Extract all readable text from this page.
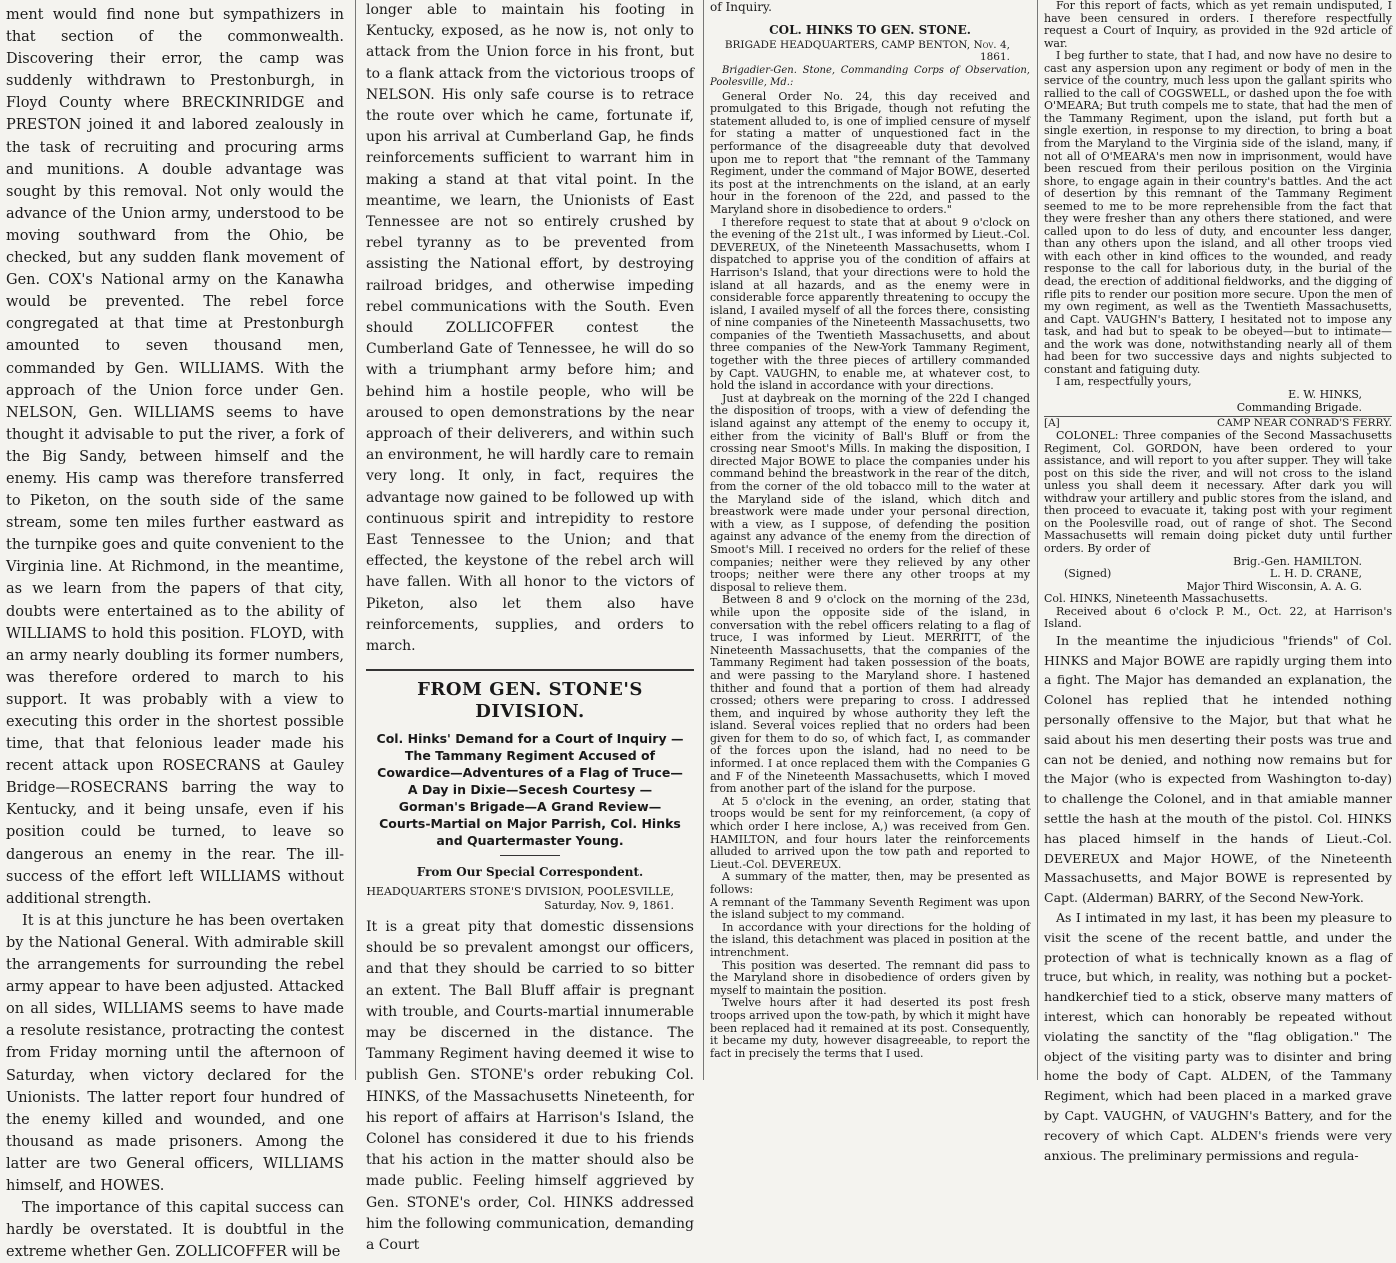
ment would find none but sympathizers in that section of the commonwealth. Discovering their error, the camp was suddenly withdrawn to Prestonburgh, in Floyd County where BRECKINRIDGE and PRESTON joined it and labored zealously in the task of recruiting and procuring arms and munitions. A double advantage was sought by this removal. Not only would the advance of the Union army, understood to be moving southward from the Ohio, be checked, but any sudden flank movement of Gen. COX's National army on the Kanawha would be prevented. The rebel force congregated at that time at Prestonburgh amounted to seven thousand men, commanded by Gen. WILLIAMS. With the approach of the Union force under Gen. NELSON, Gen. WILLIAMS seems to have thought it advisable to put the river, a fork of the Big Sandy, between himself and the enemy. His camp was therefore transferred to Piketon, on the south side of the same stream, some ten miles further eastward as the turnpike goes and quite convenient to the Virginia line. At Richmond, in the meantime, as we learn from the papers of that city, doubts were entertained as to the ability of WILLIAMS to hold this position. FLOYD, with an army nearly doubling its former numbers, was therefore ordered to march to his support. It was probably with a view to executing this order in the shortest possible time, that that felonious leader made his recent attack upon ROSECRANS at Gauley Bridge—ROSECRANS barring the way to Kentucky, and it being unsafe, even if his position could be turned, to leave so dangerous an enemy in the rear. The ill-success of the effort left WILLIAMS without additional strength.

It is at this juncture he has been overtaken by the National General. With admirable skill the arrangements for surrounding the rebel army appear to have been adjusted. Attacked on all sides, WILLIAMS seems to have made a resolute resistance, protracting the contest from Friday morning until the afternoon of Saturday, when victory declared for the Unionists. The latter report four hundred of the enemy killed and wounded, and one thousand as made prisoners. Among the latter are two General officers, WILLIAMS himself, and HOWES.

The importance of this capital success can hardly be overstated. It is doubtful in the extreme whether Gen. ZOLLICOFFER will be

longer able to maintain his footing in Kentucky, exposed, as he now is, not only to attack from the Union force in his front, but to a flank attack from the victorious troops of NELSON. His only safe course is to retrace the route over which he came, fortunate if, upon his arrival at Cumberland Gap, he finds reinforcements sufficient to warrant him in making a stand at that vital point. In the meantime, we learn, the Unionists of East Tennessee are not so entirely crushed by rebel tyranny as to be prevented from assisting the National effort, by destroying railroad bridges, and otherwise impeding rebel communications with the South. Even should ZOLLICOFFER contest the Cumberland Gate of Tennessee, he will do so with a triumphant army before him; and behind him a hostile people, who will be aroused to open demonstrations by the near approach of their deliverers, and within such an environment, he will hardly care to remain very long. It only, in fact, requires the advantage now gained to be followed up with continuous spirit and intrepidity to restore East Tennessee to the Union; and that effected, the keystone of the rebel arch will have fallen. With all honor to the victors of Piketon, also let them also have reinforcements, supplies, and orders to march.

FROM GEN. STONE'S DIVISION.
Col. Hinks' Demand for a Court of Inquiry —The Tammany Regiment Accused of Cowardice—Adventures of a Flag of Truce—A Day in Dixie—Secesh Courtesy —Gorman's Brigade—A Grand Review— Courts-Martial on Major Parrish, Col. Hinks and Quartermaster Young.
From Our Special Correspondent.
HEADQUARTERS STONE'S DIVISION, POOLESVILLE, Saturday, Nov. 9, 1861.

It is a great pity that domestic dissensions should be so prevalent amongst our officers, and that they should be carried to so bitter an extent. The Ball Bluff affair is pregnant with trouble, and Courts-martial innumerable may be discerned in the distance. The Tammany Regiment having deemed it wise to publish Gen. STONE's order rebuking Col. HINKS, of the Massachusetts Nineteenth, for his report of affairs at Harrison's Island, the Colonel has considered it due to his friends that his action in the matter should also be made public. Feeling himself aggrieved by Gen. STONE's order, Col. HINKS addressed him the following communication, demanding a Court

of Inquiry.

COL. HINKS TO GEN. STONE.
BRIGADE HEADQUARTERS, CAMP BENTON, Nov. 4, 1861.

Brigadier-Gen. Stone, Commanding Corps of Observation, Poolesville, Md.:

General Order No. 24, this day received and promulgated to this Brigade, though not refuting the statement alluded to, is one of implied censure of myself for stating a matter of unquestioned fact in the performance of the disagreeable duty that devolved upon me to report that "the remnant of the Tammany Regiment, under the command of Major BOWE, deserted its post at the intrenchments on the island, at an early hour in the forenoon of the 22d, and passed to the Maryland shore in disobedience to orders."

I therefore request to state that at about 9 o'clock on the evening of the 21st ult., I was informed by Lieut.-Col. DEVEREUX, of the Nineteenth Massachusetts, whom I dispatched to apprise you of the condition of affairs at Harrison's Island, that your directions were to hold the island at all hazards, and as the enemy were in considerable force apparently threatening to occupy the island, I availed myself of all the forces there, consisting of nine companies of the Nineteenth Massachusetts, two companies of the Twentieth Massachusetts, and about three companies of the New-York Tammany Regiment, together with the three pieces of artillery commanded by Capt. VAUGHN, to enable me, at whatever cost, to hold the island in accordance with your directions.

Just at daybreak on the morning of the 22d I changed the disposition of troops, with a view of defending the island against any attempt of the enemy to occupy it, either from the vicinity of Ball's Bluff or from the crossing near Smoot's Mills. In making the disposition, I directed Major BOWE to place the companies under his command behind the breastwork in the rear of the ditch, from the corner of the old tobacco mill to the water at the Maryland side of the island, which ditch and breastwork were made under your personal direction, with a view, as I suppose, of defending the position against any advance of the enemy from the direction of Smoot's Mill. I received no orders for the relief of these companies; neither were they relieved by any other troops; neither were there any other troops at my disposal to relieve them.

Between 8 and 9 o'clock on the morning of the 23d, while upon the opposite side of the island, in conversation with the rebel officers relating to a flag of truce, I was informed by Lieut. MERRITT, of the Nineteenth Massachusetts, that the companies of the Tammany Regiment had taken possession of the boats, and were passing to the Maryland shore. I hastened thither and found that a portion of them had already crossed; others were preparing to cross. I addressed them, and inquired by whose authority they left the island. Several voices replied that no orders had been given for them to do so, of which fact, I, as commander of the forces upon the island, had no need to be informed. I at once replaced them with the Companies G and F of the Nineteenth Massachusetts, which I moved from another part of the island for the purpose.

At 5 o'clock in the evening, an order, stating that troops would be sent for my reinforcement, (a copy of which order I here inclose, A,) was received from Gen. HAMILTON, and four hours later the reinforcements alluded to arrived upon the tow path and reported to Lieut.-Col. DEVEREUX.

A summary of the matter, then, may be presented as follows:

A remnant of the Tammany Seventh Regiment was upon the island subject to my command.

In accordance with your directions for the holding of the island, this detachment was placed in position at the intrenchment.

This position was deserted. The remnant did pass to the Maryland shore in disobedience of orders given by myself to maintain the position.

Twelve hours after it had deserted its post fresh troops arrived upon the tow-path, by which it might have been replaced had it remained at its post. Consequently, it became my duty, however disagreeable, to report the fact in precisely the terms that I used.

For this report of facts, which as yet remain undisputed, I have been censured in orders. I therefore respectfully request a Court of Inquiry, as provided in the 92d article of war.

I beg further to state, that I had, and now have no desire to cast any aspersion upon any regiment or body of men in the service of the country, much less upon the gallant spirits who rallied to the call of COGSWELL, or dashed upon the foe with O'MEARA; But truth compels me to state, that had the men of the Tammany Regiment, upon the island, put forth but a single exertion, in response to my direction, to bring a boat from the Maryland to the Virginia side of the island, many, if not all of O'MEARA's men now in imprisonment, would have been rescued from their perilous position on the Virginia shore, to engage again in their country's battles. And the act of desertion by this remnant of the Tammany Regiment seemed to me to be more reprehensible from the fact that they were fresher than any others there stationed, and were called upon to do less of duty, and encounter less danger, than any others upon the island, and all other troops vied with each other in kind offices to the wounded, and ready response to the call for laborious duty, in the burial of the dead, the erection of additional fieldworks, and the digging of rifle pits to render our position more secure. Upon the men of my own regiment, as well as the Twentieth Massachusetts, and Capt. VAUGHN's Battery, I hesitated not to impose any task, and had but to speak to be obeyed—but to intimate—and the work was done, notwithstanding nearly all of them had been for two successive days and nights subjected to constant and fatiguing duty.

I am, respectfully yours,

E. W. HINKS,
Commanding Brigade.
[A]	CAMP NEAR CONRAD'S FERRY.

COLONEL: Three companies of the Second Massachusetts Regiment, Col. GORDON, have been ordered to your assistance, and will report to you after supper. They will take post on this side the river, and will not cross to the island unless you shall deem it necessary. After dark you will withdraw your artillery and public stores from the island, and then proceed to evacuate it, taking post with your regiment on the Poolesville road, out of range of shot. The Second Massachusetts will remain doing picket duty until further orders. By order of

Brig.-Gen. HAMILTON.
(Signed)	L. H. D. CRANE,
Major Third Wisconsin, A. A. G.

Col. HINKS, Nineteenth Massachusetts.

Received about 6 o'clock P. M., Oct. 22, at Harrison's Island.

In the meantime the injudicious "friends" of Col. HINKS and Major BOWE are rapidly urging them into a fight. The Major has demanded an explanation, the Colonel has replied that he intended nothing personally offensive to the Major, but that what he said about his men deserting their posts was true and can not be denied, and nothing now remains but for the Major (who is expected from Washington to-day) to challenge the Colonel, and in that amiable manner settle the hash at the mouth of the pistol. Col. HINKS has placed himself in the hands of Lieut.-Col. DEVEREUX and Major HOWE, of the Nineteenth Massachusetts, and Major BOWE is represented by Capt. (Alderman) BARRY, of the Second New-York.

As I intimated in my last, it has been my pleasure to visit the scene of the recent battle, and under the protection of what is technically known as a flag of truce, but which, in reality, was nothing but a pocket-handkerchief tied to a stick, observe many matters of interest, which can honorably be repeated without violating the sanctity of the "flag obligation." The object of the visiting party was to disinter and bring home the body of Capt. ALDEN, of the Tammany Regiment, which had been placed in a marked grave by Capt. VAUGHN, of VAUGHN's Battery, and for the recovery of which Capt. ALDEN's friends were very anxious. The preliminary permissions and regula-
